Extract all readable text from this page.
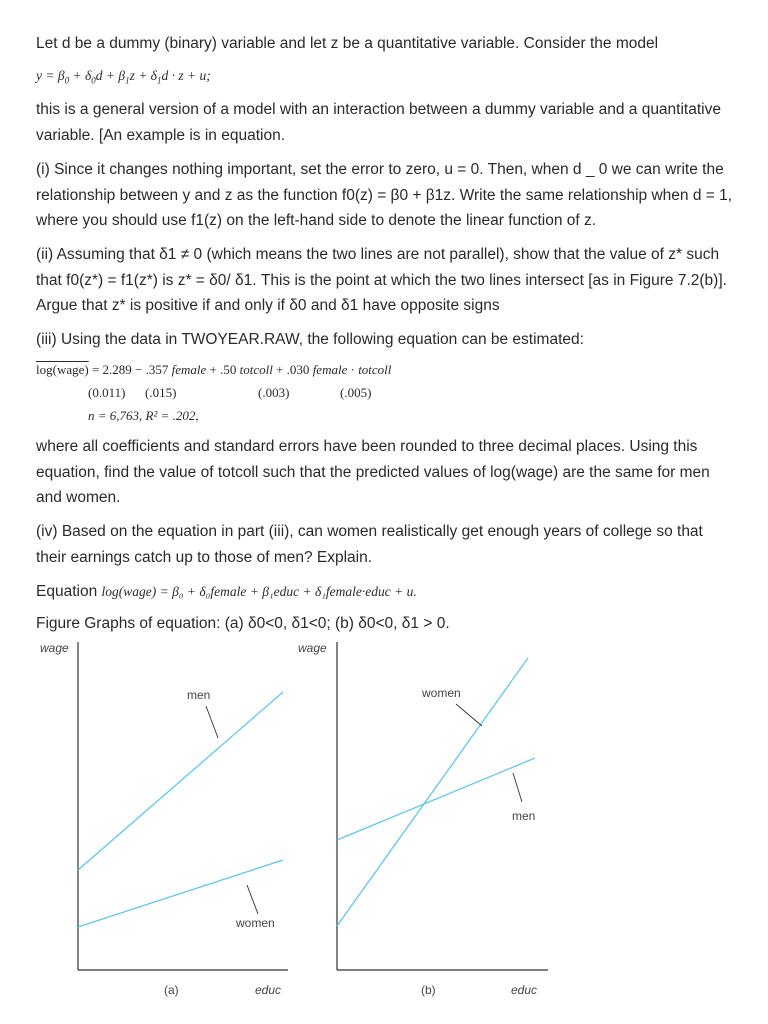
Let d be a dummy (binary) variable and let z be a quantitative variable. Consider the model

$y = \beta_0 + \delta_0d + \beta_1z + \delta_1d \cdot z + u$;

this is a general version of a model with an interaction between a dummy variable and a quantitative variable. [An example is in equation.

(i) Since it changes nothing important, set the error to zero, u = 0. Then, when d _ 0 we can write the relationship between y and z as the function f0(z) = β0 + β1z. Write the same relationship when d = 1, where you should use f1(z) on the left-hand side to denote the linear function of z.

(ii) Assuming that δ1 ≠ 0 (which means the two lines are not parallel), show that the value of z* such that f0(z*) = f1(z*) is z* = δ0/ δ1. This is the point at which the two lines intersect [as in Figure 7.2(b)]. Argue that z* is positive if and only if δ0 and δ1 have opposite signs

(iii) Using the data in TWOYEAR.RAW, the following equation can be estimated:

log(wage) = 2.289 − .357 female + .50 totcoll + .030 female · totcoll
(0.011) (.015)	(.003)	(.005)
n = 6,763, R² = .202,

where all coefficients and standard errors have been rounded to three decimal places. Using this equation, find the value of totcoll such that the predicted values of log(wage) are the same for men and women.

(iv) Based on the equation in part (iii), can women realistically get enough years of college so that their earnings catch up to those of men? Explain.

Equation log(wage) = β₀ + δ₀female + β₁educ + δ₁female·educ + u.

Figure Graphs of equation: (a) δ0<0, δ1<0; (b) δ0<0, δ1 > 0.

wage
men
women
(a)	educ
wage
women
men
(b)	educ
